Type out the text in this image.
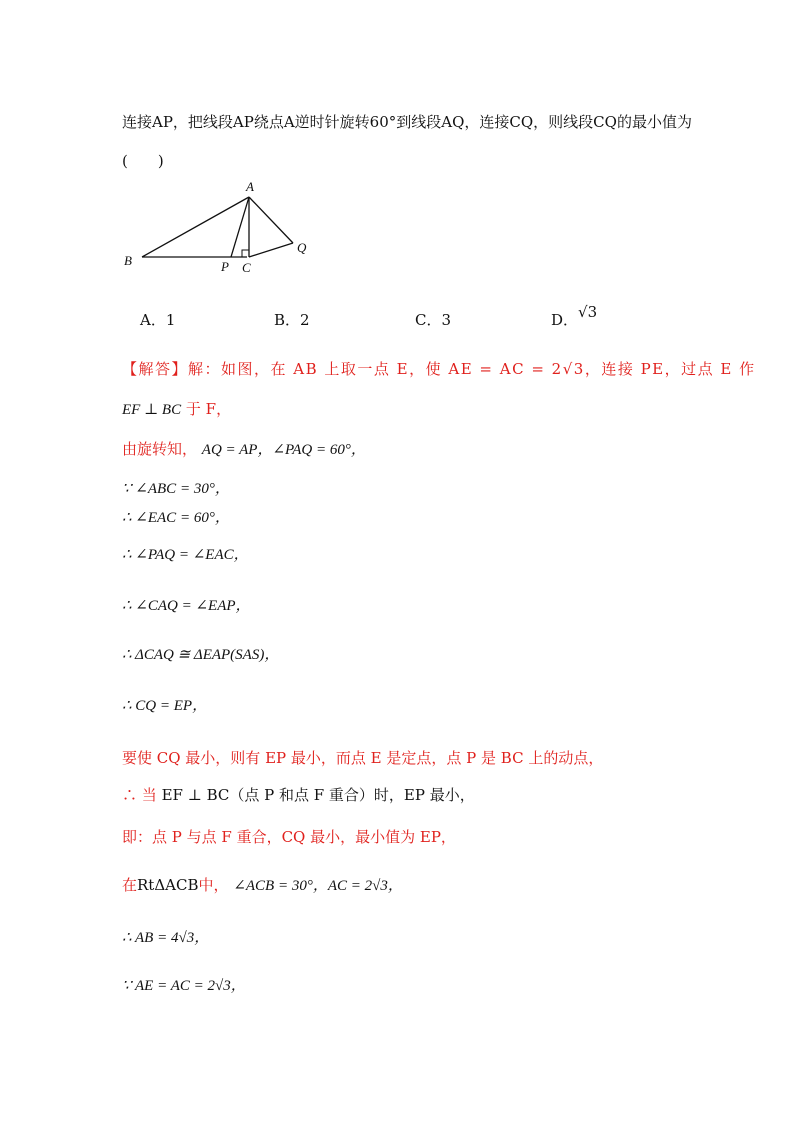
连接AP，把线段AP绕点A逆时针旋转60°到线段AQ，连接CQ，则线段CQ的最小值为
(　　)
A
B	P C
Q
A．1	B．2	C．3	D．√3
【解答】解：如图，在 AB 上取一点 E，使 AE = AC = 2√3，连接 PE，过点 E 作
EF ⊥ BC 于 F，
由旋转知， AQ = AP，∠PAQ = 60°，
∵ ∠ABC = 30°，
∴ ∠EAC = 60°，
∴ ∠PAQ = ∠EAC，
∴ ∠CAQ = ∠EAP，
∴ ΔCAQ ≅ ΔEAP(SAS)，
∴ CQ = EP，
要使 CQ 最小，则有 EP 最小，而点 E 是定点，点 P 是 BC 上的动点，
∴ 当 EF ⊥ BC（点 P 和点 F 重合）时，EP 最小，
即：点 P 与点 F 重合，CQ 最小，最小值为 EP，
在RtΔACB中， ∠ACB = 30°，AC = 2√3，
∴ AB = 4√3，
∵ AE = AC = 2√3，
